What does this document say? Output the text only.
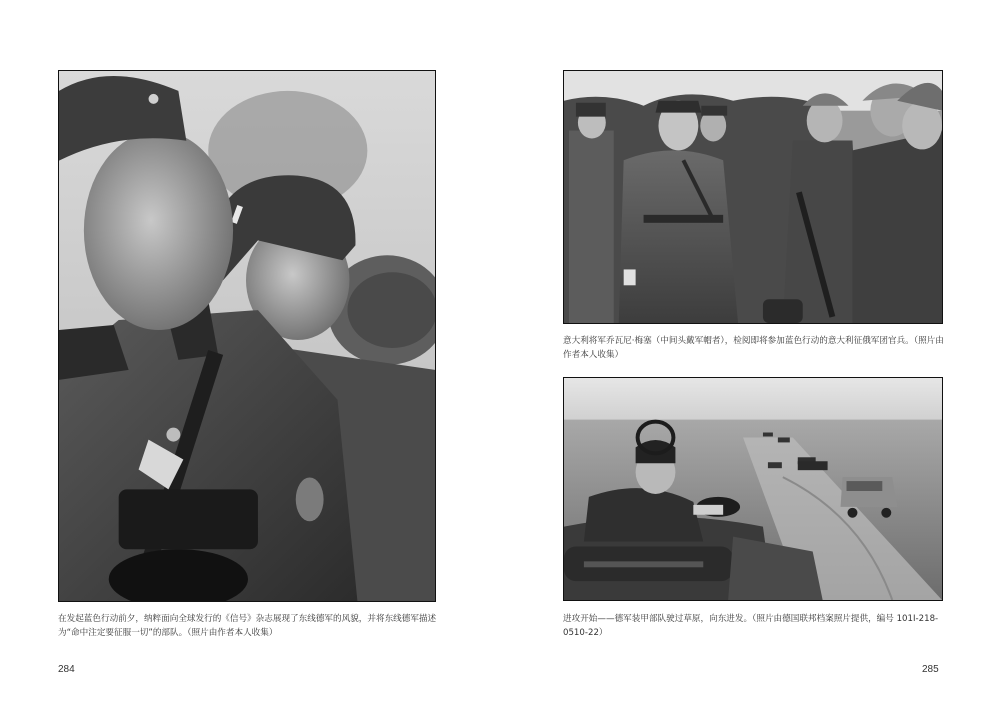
在发起蓝色行动前夕，纳粹面向全球发行的《信号》杂志展现了东线德军的风貌，并将东线德军描述为“命中注定要征服一切”的部队。（照片由作者本人收集）

284

意大利将军乔瓦尼·梅塞（中间头戴军帽者），检阅即将参加蓝色行动的意大利征俄军团官兵。（照片由作者本人收集）

进攻开始——德军装甲部队驶过草原，向东进发。（照片由德国联邦档案照片提供，编号 101I-218-0510-22）

285
